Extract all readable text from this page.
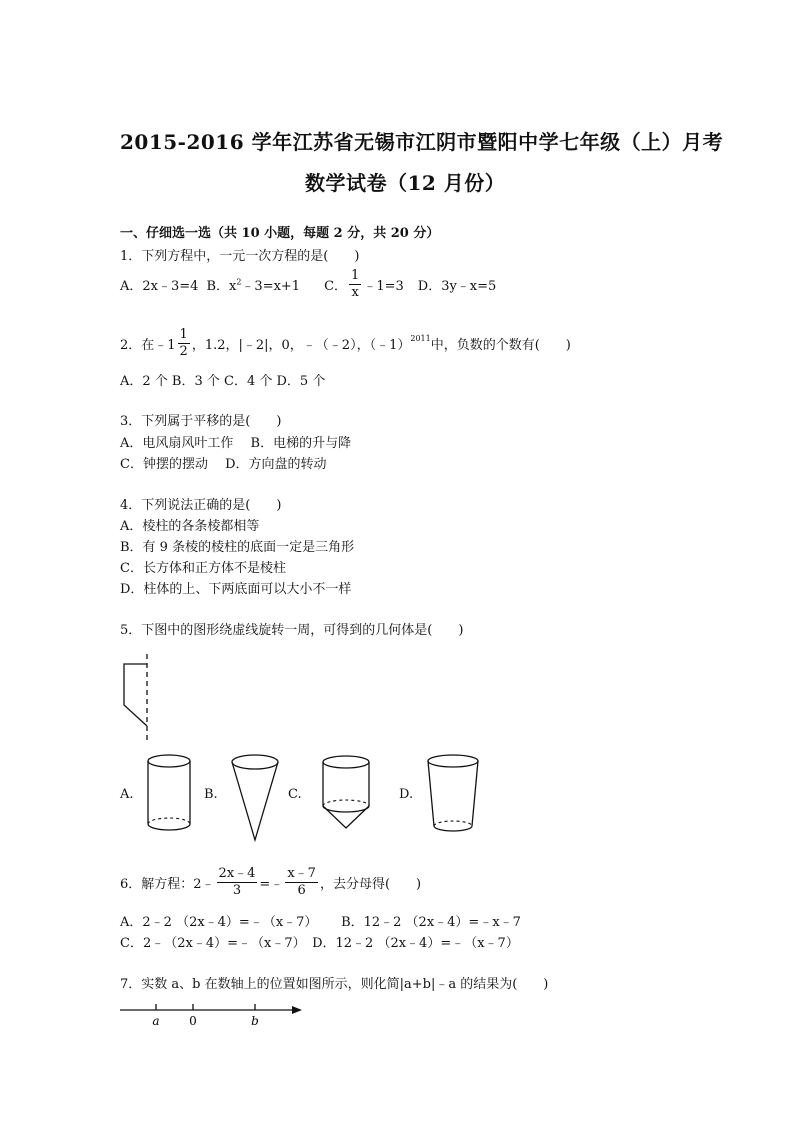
2015-2016 学年江苏省无锡市江阴市暨阳中学七年级（上）月考
数学试卷（12 月份）
一、仔细选一选（共 10 小题，每题 2 分，共 20 分）
1．下列方程中，一元一次方程的是(　　)
A．2x﹣3=4 B．$x^2﹣3=x+1$ C． $\frac{1}{x}$ ﹣1=3 D．3y﹣x=5
2．在﹣1 $\frac{1}{2}$ ，1.2，|﹣2|，0，﹣（﹣2），（﹣1）$^{2011}$ 中，负数的个数有(　　)
A．2 个 B．3 个 C．4 个 D．5 个
3．下列属于平移的是(　　)
A．电风扇风叶工作　 B．电梯的升与降
C．钟摆的摆动　 D．方向盘的转动
4．下列说法正确的是(　　)
A．棱柱的各条棱都相等
B．有 9 条棱的棱柱的底面一定是三角形
C．长方体和正方体不是棱柱
D．柱体的上、下两底面可以大小不一样
5．下图中的图形绕虚线旋转一周，可得到的几何体是(　　)
A.	B.	C.	D.
6．解方程：2﹣ $\frac{2x﹣4}{3}$ =﹣ $\frac{x﹣7}{6}$ ，去分母得(　　)
A．2﹣2 （2x﹣4）=﹣（x﹣7）　　 B．12﹣2 （2x﹣4）=﹣x﹣7
C．2﹣（2x﹣4）=﹣（x﹣7）　D．12﹣2 （2x﹣4）=﹣（x﹣7）
7．实数 a、b 在数轴上的位置如图所示，则化简|a+b|﹣a 的结果为(　　)
a 0	b
